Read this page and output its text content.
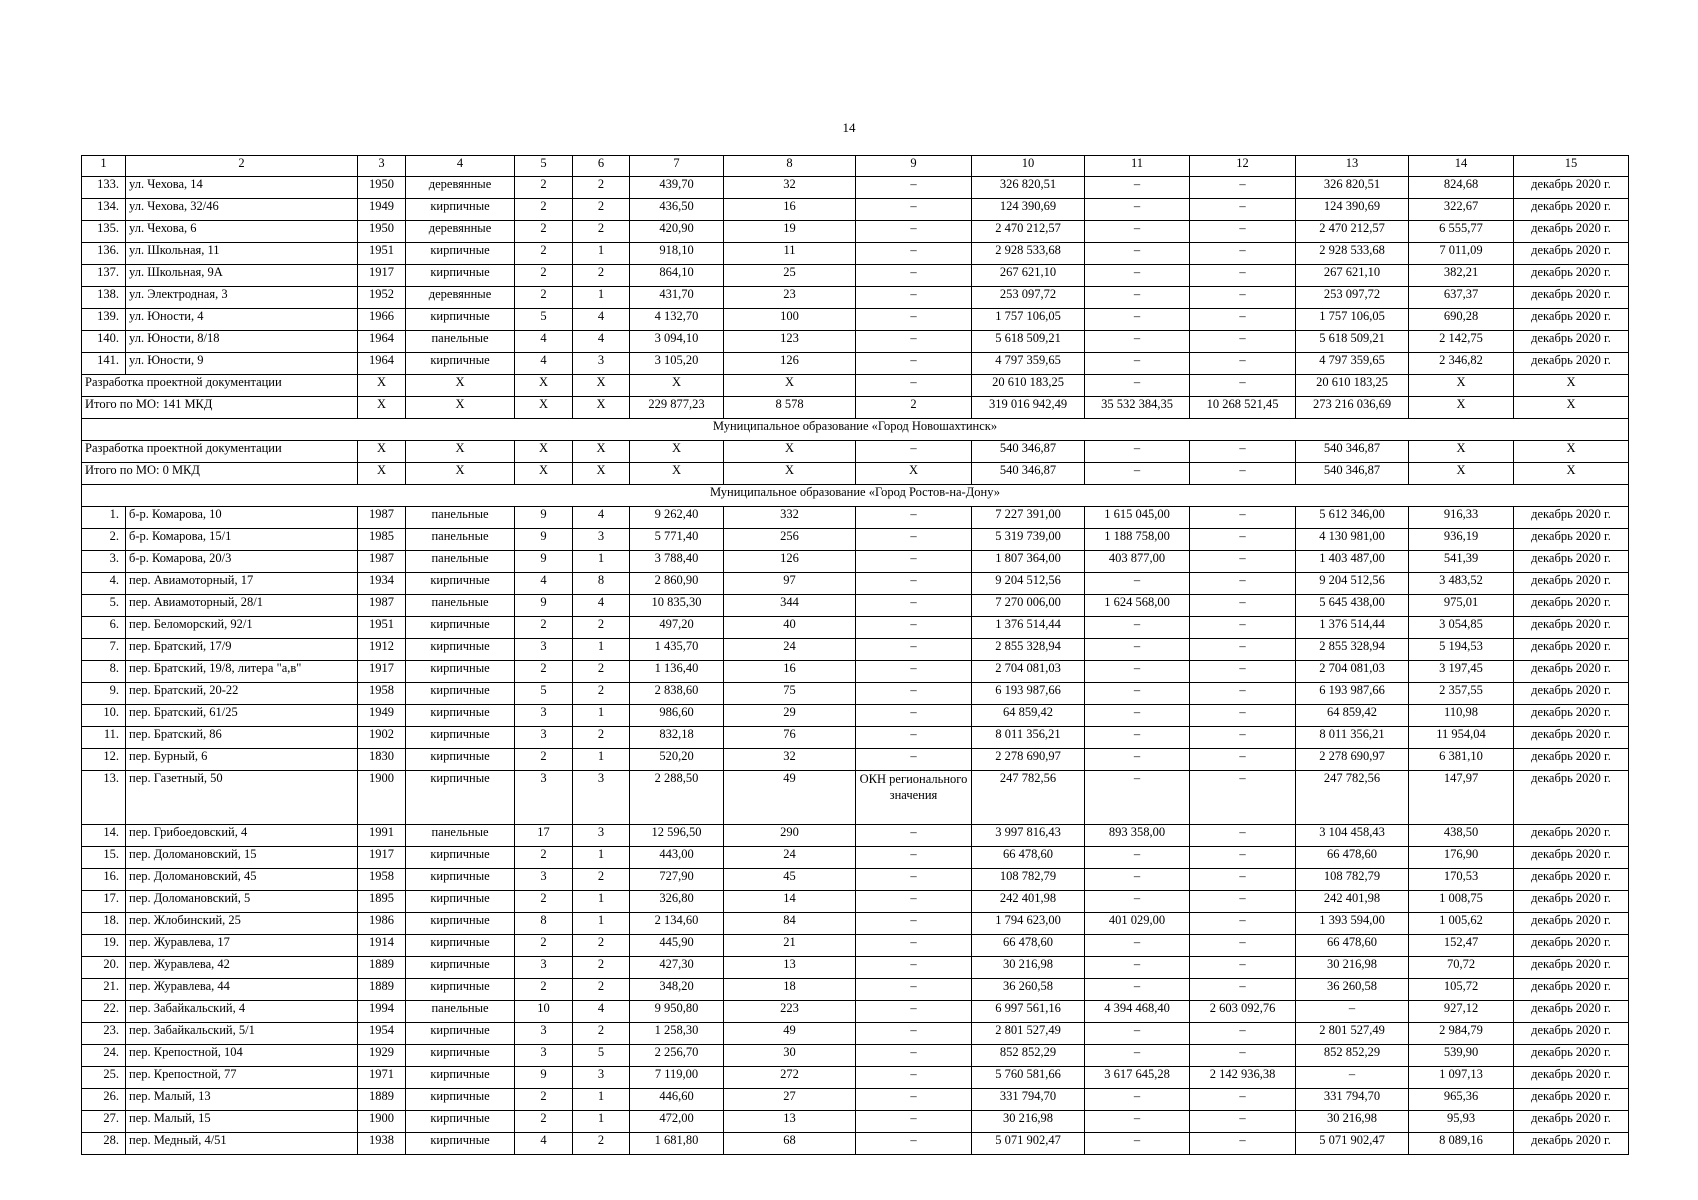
14
1	2	3	4	5	6	7	8	9	10	11	12	13	14	15
133.	ул. Чехова, 14	1950	деревянные	2	2	439,70	32	–	326 820,51	–	–	326 820,51	824,68	декабрь 2020 г.
134.	ул. Чехова, 32/46	1949	кирпичные	2	2	436,50	16	–	124 390,69	–	–	124 390,69	322,67	декабрь 2020 г.
135.	ул. Чехова, 6	1950	деревянные	2	2	420,90	19	–	2 470 212,57	–	–	2 470 212,57	6 555,77	декабрь 2020 г.
136.	ул. Школьная, 11	1951	кирпичные	2	1	918,10	11	–	2 928 533,68	–	–	2 928 533,68	7 011,09	декабрь 2020 г.
137.	ул. Школьная, 9А	1917	кирпичные	2	2	864,10	25	–	267 621,10	–	–	267 621,10	382,21	декабрь 2020 г.
138.	ул. Электродная, 3	1952	деревянные	2	1	431,70	23	–	253 097,72	–	–	253 097,72	637,37	декабрь 2020 г.
139.	ул. Юности, 4	1966	кирпичные	5	4	4 132,70	100	–	1 757 106,05	–	–	1 757 106,05	690,28	декабрь 2020 г.
140.	ул. Юности, 8/18	1964	панельные	4	4	3 094,10	123	–	5 618 509,21	–	–	5 618 509,21	2 142,75	декабрь 2020 г.
141.	ул. Юности, 9	1964	кирпичные	4	3	3 105,20	126	–	4 797 359,65	–	–	4 797 359,65	2 346,82	декабрь 2020 г.
Разработка проектной документации		X	X	X	X	X	X	–	20 610 183,25	–	–	20 610 183,25	X	X
Итого по МО: 141 МКД		X	X	X	X	229 877,23	8 578	2	319 016 942,49	35 532 384,35	10 268 521,45	273 216 036,69	X	X
Муниципальное образование «Город Новошахтинск»														
Разработка проектной документации		X	X	X	X	X	X	–	540 346,87	–	–	540 346,87	X	X
Итого по МО: 0 МКД		X	X	X	X	X	X	X	540 346,87	–	–	540 346,87	X	X
Муниципальное образование «Город Ростов-на-Дону»														
1.	б-р. Комарова, 10	1987	панельные	9	4	9 262,40	332	–	7 227 391,00	1 615 045,00	–	5 612 346,00	916,33	декабрь 2020 г.
2.	б-р. Комарова, 15/1	1985	панельные	9	3	5 771,40	256	–	5 319 739,00	1 188 758,00	–	4 130 981,00	936,19	декабрь 2020 г.
3.	б-р. Комарова, 20/3	1987	панельные	9	1	3 788,40	126	–	1 807 364,00	403 877,00	–	1 403 487,00	541,39	декабрь 2020 г.
4.	пер. Авиамоторный, 17	1934	кирпичные	4	8	2 860,90	97	–	9 204 512,56	–	–	9 204 512,56	3 483,52	декабрь 2020 г.
5.	пер. Авиамоторный, 28/1	1987	панельные	9	4	10 835,30	344	–	7 270 006,00	1 624 568,00	–	5 645 438,00	975,01	декабрь 2020 г.
6.	пер. Беломорский, 92/1	1951	кирпичные	2	2	497,20	40	–	1 376 514,44	–	–	1 376 514,44	3 054,85	декабрь 2020 г.
7.	пер. Братский, 17/9	1912	кирпичные	3	1	1 435,70	24	–	2 855 328,94	–	–	2 855 328,94	5 194,53	декабрь 2020 г.
8.	пер. Братский, 19/8, литера "а,в"	1917	кирпичные	2	2	1 136,40	16	–	2 704 081,03	–	–	2 704 081,03	3 197,45	декабрь 2020 г.
9.	пер. Братский, 20-22	1958	кирпичные	5	2	2 838,60	75	–	6 193 987,66	–	–	6 193 987,66	2 357,55	декабрь 2020 г.
10.	пер. Братский, 61/25	1949	кирпичные	3	1	986,60	29	–	64 859,42	–	–	64 859,42	110,98	декабрь 2020 г.
11.	пер. Братский, 86	1902	кирпичные	3	2	832,18	76	–	8 011 356,21	–	–	8 011 356,21	11 954,04	декабрь 2020 г.
12.	пер. Бурный, 6	1830	кирпичные	2	1	520,20	32	–	2 278 690,97	–	–	2 278 690,97	6 381,10	декабрь 2020 г.
13.	пер. Газетный, 50	1900	кирпичные	3	3	2 288,50	49	ОКН регионального значения	247 782,56	–	–	247 782,56	147,97	декабрь 2020 г.
14.	пер. Грибоедовский, 4	1991	панельные	17	3	12 596,50	290	–	3 997 816,43	893 358,00	–	3 104 458,43	438,50	декабрь 2020 г.
15.	пер. Доломановский, 15	1917	кирпичные	2	1	443,00	24	–	66 478,60	–	–	66 478,60	176,90	декабрь 2020 г.
16.	пер. Доломановский, 45	1958	кирпичные	3	2	727,90	45	–	108 782,79	–	–	108 782,79	170,53	декабрь 2020 г.
17.	пер. Доломановский, 5	1895	кирпичные	2	1	326,80	14	–	242 401,98	–	–	242 401,98	1 008,75	декабрь 2020 г.
18.	пер. Жлобинский, 25	1986	кирпичные	8	1	2 134,60	84	–	1 794 623,00	401 029,00	–	1 393 594,00	1 005,62	декабрь 2020 г.
19.	пер. Журавлева, 17	1914	кирпичные	2	2	445,90	21	–	66 478,60	–	–	66 478,60	152,47	декабрь 2020 г.
20.	пер. Журавлева, 42	1889	кирпичные	3	2	427,30	13	–	30 216,98	–	–	30 216,98	70,72	декабрь 2020 г.
21.	пер. Журавлева, 44	1889	кирпичные	2	2	348,20	18	–	36 260,58	–	–	36 260,58	105,72	декабрь 2020 г.
22.	пер. Забайкальский, 4	1994	панельные	10	4	9 950,80	223	–	6 997 561,16	4 394 468,40	2 603 092,76	–	927,12	декабрь 2020 г.
23.	пер. Забайкальский, 5/1	1954	кирпичные	3	2	1 258,30	49	–	2 801 527,49	–	–	2 801 527,49	2 984,79	декабрь 2020 г.
24.	пер. Крепостной, 104	1929	кирпичные	3	5	2 256,70	30	–	852 852,29	–	–	852 852,29	539,90	декабрь 2020 г.
25.	пер. Крепостной, 77	1971	кирпичные	9	3	7 119,00	272	–	5 760 581,66	3 617 645,28	2 142 936,38	–	1 097,13	декабрь 2020 г.
26.	пер. Малый, 13	1889	кирпичные	2	1	446,60	27	–	331 794,70	–	–	331 794,70	965,36	декабрь 2020 г.
27.	пер. Малый, 15	1900	кирпичные	2	1	472,00	13	–	30 216,98	–	–	30 216,98	95,93	декабрь 2020 г.
28.	пер. Медный, 4/51	1938	кирпичные	4	2	1 681,80	68	–	5 071 902,47	–	–	5 071 902,47	8 089,16	декабрь 2020 г.
